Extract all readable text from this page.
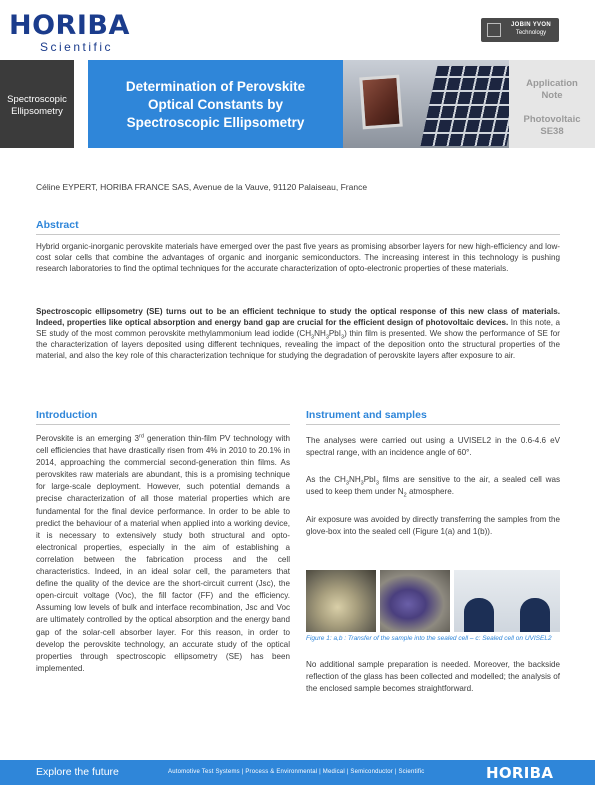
HORIBA
Scientific
JOBIN YVON
Technology
Spectroscopic
Ellipsometry
Determination of Perovskite
Optical Constants by
Spectroscopic Ellipsometry
Application
Note
Photovoltaic
SE38
Céline EYPERT, HORIBA FRANCE SAS, Avenue de la Vauve, 91120 Palaiseau, France
Abstract
Hybrid organic-inorganic perovskite materials have emerged over the past five years as promising absorber layers for new high-efficiency and low-cost solar cells that combine the advantages of organic and inorganic semiconductors. The increasing interest in this technology is pushing research laboratories to find the optimal techniques for the accurate characterization of opto-electronic properties of these materials.
Spectroscopic ellipsometry (SE) turns out to be an efficient technique to study the optical response of this new class of materials. Indeed, properties like optical absorption and energy band gap are crucial for the efficient design of photovoltaic devices. In this note, a SE study of the most common perovskite methylammonium lead iodide $(CH_3NH_3PbI_3)$ thin film is presented. We show the performance of SE for the characterization of layers deposited using different techniques, revealing the impact of the deposition onto the structural properties of the material, and also the key role of this characterization technique for studying the degradation of perovskite layers after exposure to air.
Introduction
Perovskite is an emerging 3rd generation thin-film PV technology with cell efficiencies that have drastically risen from 4% in 2010 to 20.1% in 2014, approaching the commercial second-generation thin films. As perovskites raw materials are abundant, this is a promising technique for large-scale deployment. However, such potential demands a precise characterization of all those material properties which are fundamental for the final device performance. In order to be able to predict the behaviour of a material when applied into a working device, it is necessary to extensively study both structural and opto-electronical properties, especially in the aim of establishing a correlation between the fabrication process and the cell characteristics. Indeed, in an ideal solar cell, the parameters that define the quality of the device are the short-circuit current (Jsc), the open-circuit voltage (Voc), the fill factor (FF) and the efficiency. Assuming low levels of bulk and interface recombination, Jsc and Voc are ultimately controlled by the optical absorption and the energy band gap of the solar-cell absorber layer. For this reason, in order to develop the perovskite technology, an accurate study of the optical properties through spectroscopic ellipsometry (SE) has been implemented.
Instrument and samples
The analyses were carried out using a UVISEL2 in the 0.6-4.6 eV spectral range, with an incidence angle of 60°.
As the $CH_3NH_3PbI_3$ films are sensitive to the air, a sealed cell was used to keep them under $N_2$ atmosphere.
Air exposure was avoided by directly transferring the samples from the glove-box into the sealed cell (Figure 1(a) and 1(b)).
Figure 1: a,b : Transfer of the sample into the sealed cell – c: Sealed cell on UVISEL2
No additional sample preparation is needed. Moreover, the backside reflection of the glass has been collected and modelled; the analysis of the enclosed sample becomes straightforward.
Explore the future	Automotive Test Systems | Process & Environmental | Medical | Semiconductor | Scientific	HORIBA
